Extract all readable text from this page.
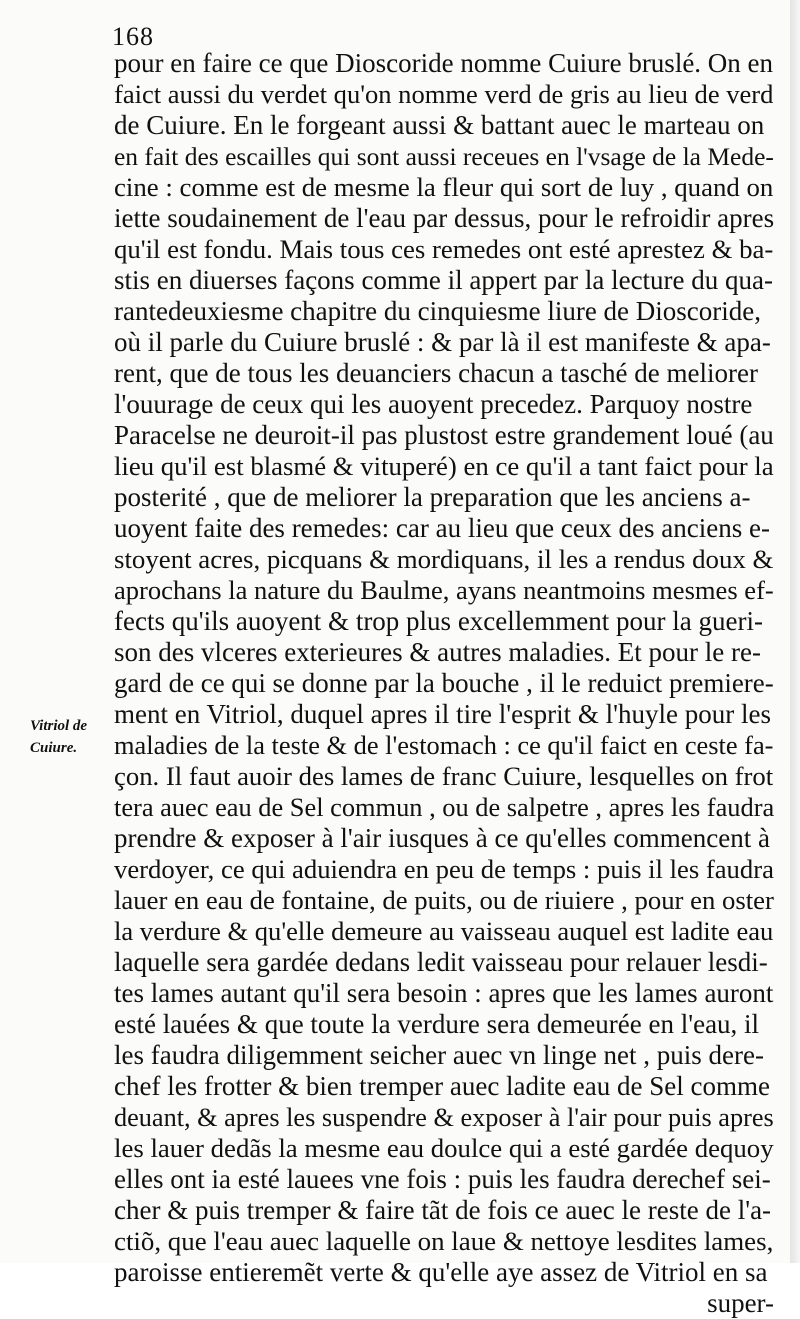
168
Vitriol de
Cuiure.
pour en faire ce que Dioscoride nomme Cuiure bruslé. On en
faict aussi du verdet qu'on nomme verd de gris au lieu de verd
de Cuiure. En le forgeant aussi & battant auec le marteau on
en fait des escailles qui sont aussi receues en l'vsage de la Mede-
cine : comme est de mesme la fleur qui sort de luy , quand on
iette soudainement de l'eau par dessus, pour le refroidir apres
qu'il est fondu. Mais tous ces remedes ont esté aprestez & ba-
stis en diuerses façons comme il appert par la lecture du qua-
rantedeuxiesme chapitre du cinquiesme liure de Dioscoride,
où il parle du Cuiure bruslé : & par là il est manifeste & apa-
rent, que de tous les deuanciers chacun a tasché de meliorer
l'ouurage de ceux qui les auoyent precedez. Parquoy nostre
Paracelse ne deuroit-il pas plustost estre grandement loué (au
lieu qu'il est blasmé & vituperé) en ce qu'il a tant faict pour la
posterité , que de meliorer la preparation que les anciens a-
uoyent faite des remedes: car au lieu que ceux des anciens e-
stoyent acres, picquans & mordiquans, il les a rendus doux &
aprochans la nature du Baulme, ayans neantmoins mesmes ef-
fects qu'ils auoyent & trop plus excellemment pour la gueri-
son des vlceres exterieures & autres maladies. Et pour le re-
gard de ce qui se donne par la bouche , il le reduict premiere-
ment en Vitriol, duquel apres il tire l'esprit & l'huyle pour les
maladies de la teste & de l'estomach : ce qu'il faict en ceste fa-
çon. Il faut auoir des lames de franc Cuiure, lesquelles on frot
tera auec eau de Sel commun , ou de salpetre , apres les faudra
prendre & exposer à l'air iusques à ce qu'elles commencent à
verdoyer, ce qui aduiendra en peu de temps : puis il les faudra
lauer en eau de fontaine, de puits, ou de riuiere , pour en oster
la verdure & qu'elle demeure au vaisseau auquel est ladite eau
laquelle sera gardée dedans ledit vaisseau pour relauer lesdi-
tes lames autant qu'il sera besoin : apres que les lames auront
esté lauées & que toute la verdure sera demeurée en l'eau, il
les faudra diligemment seicher auec vn linge net , puis dere-
chef les frotter & bien tremper auec ladite eau de Sel comme
deuant, & apres les suspendre & exposer à l'air pour puis apres
les lauer dedãs la mesme eau doulce qui a esté gardée dequoy
elles ont ia esté lauees vne fois : puis les faudra derechef sei-
cher & puis tremper & faire tãt de fois ce auec le reste de l'a-
ctiõ, que l'eau auec laquelle on laue & nettoye lesdites lames,
paroisse entieremẽt verte & qu'elle aye assez de Vitriol en sa
super-
